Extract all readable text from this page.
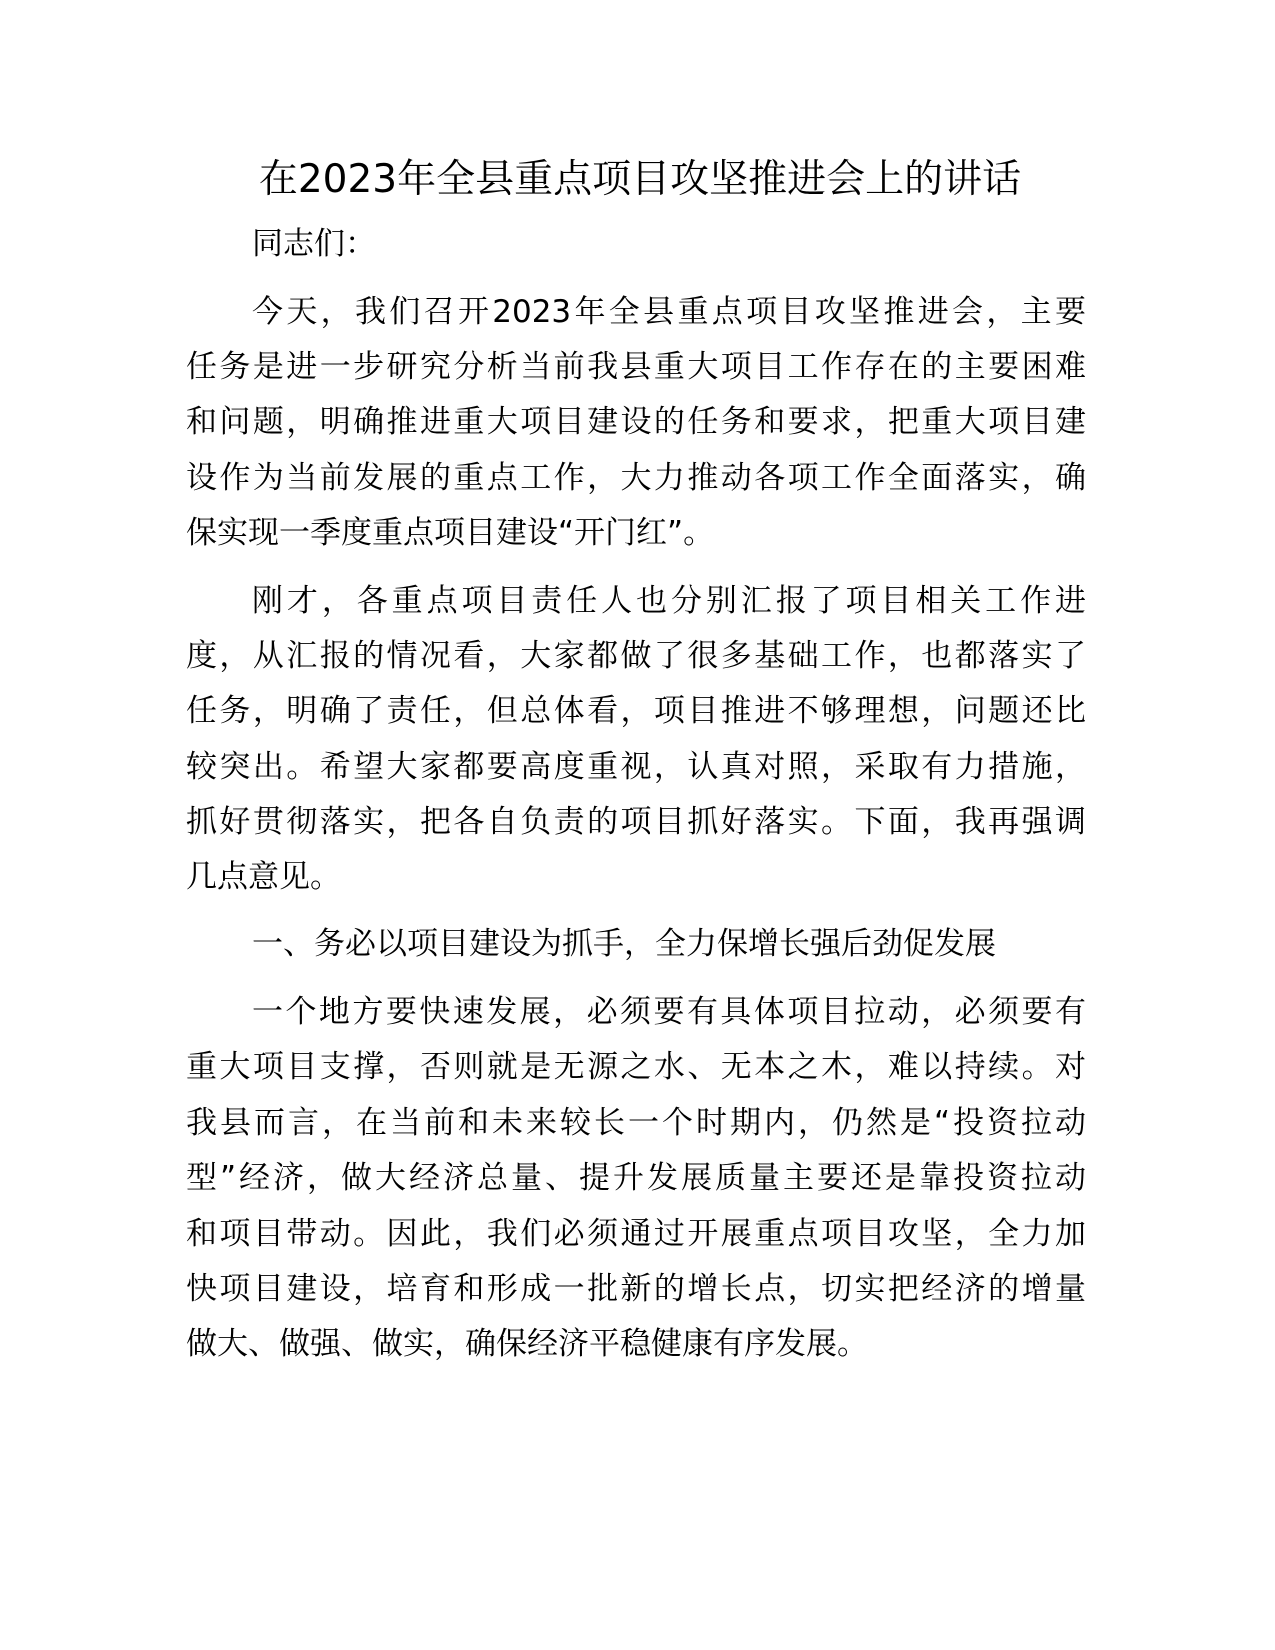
在2023年全县重点项目攻坚推进会上的讲话
同志们：
今天，我们召开2023年全县重点项目攻坚推进会，主要
任务是进一步研究分析当前我县重大项目工作存在的主要困难
和问题，明确推进重大项目建设的任务和要求，把重大项目建
设作为当前发展的重点工作，大力推动各项工作全面落实，确
保实现一季度重点项目建设“开门红”。
刚才，各重点项目责任人也分别汇报了项目相关工作进
度，从汇报的情况看，大家都做了很多基础工作，也都落实了
任务，明确了责任，但总体看，项目推进不够理想，问题还比
较突出。希望大家都要高度重视，认真对照，采取有力措施，
抓好贯彻落实，把各自负责的项目抓好落实。下面，我再强调
几点意见。
一、务必以项目建设为抓手，全力保增长强后劲促发展
一个地方要快速发展，必须要有具体项目拉动，必须要有
重大项目支撑，否则就是无源之水、无本之木，难以持续。对
我县而言，在当前和未来较长一个时期内，仍然是“投资拉动
型”经济，做大经济总量、提升发展质量主要还是靠投资拉动
和项目带动。因此，我们必须通过开展重点项目攻坚，全力加
快项目建设，培育和形成一批新的增长点，切实把经济的增量
做大、做强、做实，确保经济平稳健康有序发展。
